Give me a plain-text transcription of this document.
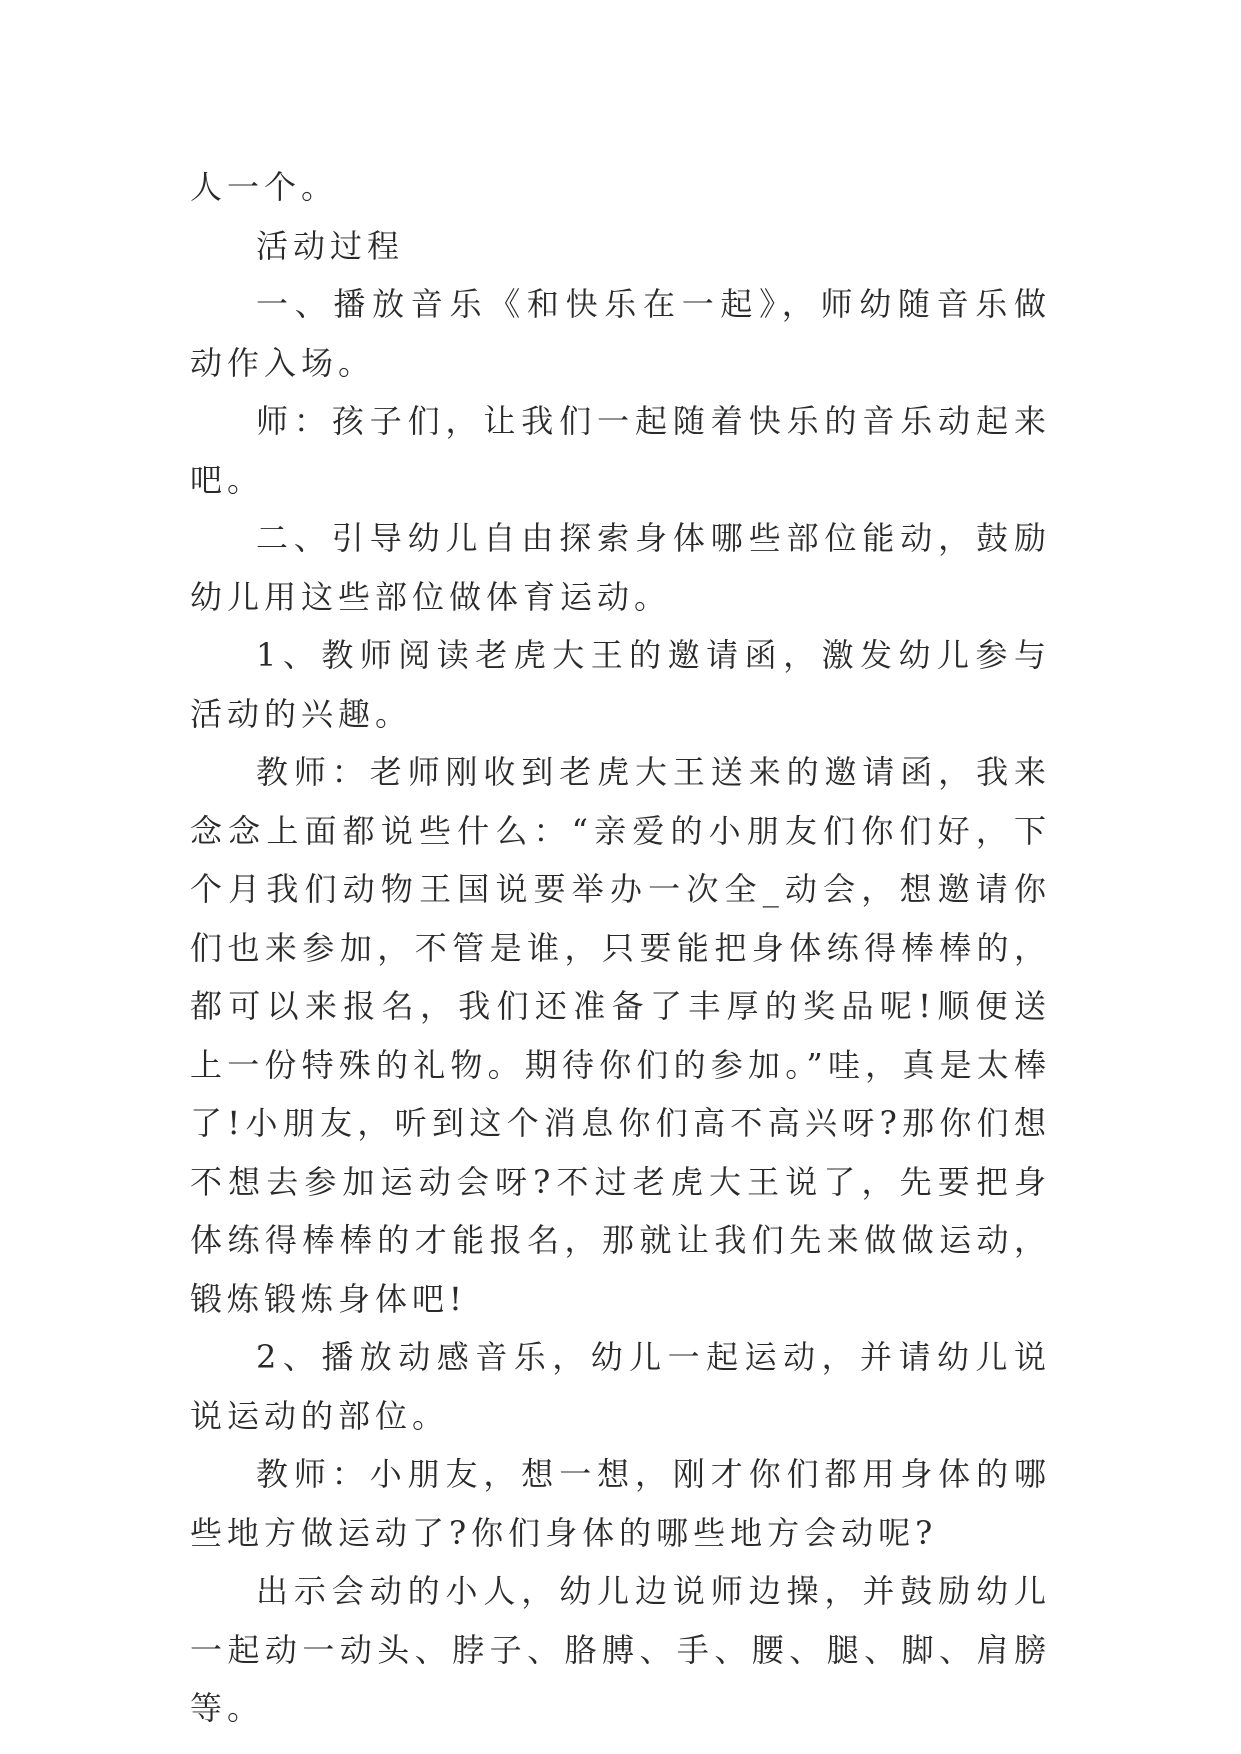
人一个。

活动过程

一、播放音乐《和快乐在一起》，师幼随音乐做动作入场。

师：孩子们，让我们一起随着快乐的音乐动起来吧。

二、引导幼儿自由探索身体哪些部位能动，鼓励幼儿用这些部位做体育运动。

1、教师阅读老虎大王的邀请函，激发幼儿参与活动的兴趣。

教师：老师刚收到老虎大王送来的邀请函，我来念念上面都说些什么：“亲爱的小朋友们你们好，下个月我们动物王国说要举办一次全_动会，想邀请你们也来参加，不管是谁，只要能把身体练得棒棒的，都可以来报名，我们还准备了丰厚的奖品呢!顺便送上一份特殊的礼物。期待你们的参加。”哇，真是太棒了!小朋友，听到这个消息你们高不高兴呀?那你们想不想去参加运动会呀?不过老虎大王说了，先要把身体练得棒棒的才能报名，那就让我们先来做做运动，锻炼锻炼身体吧!

2、播放动感音乐，幼儿一起运动，并请幼儿说说运动的部位。

教师：小朋友，想一想，刚才你们都用身体的哪些地方做运动了?你们身体的哪些地方会动呢?

出示会动的小人，幼儿边说师边操，并鼓励幼儿一起动一动头、脖子、胳膊、手、腰、腿、脚、肩膀等。
